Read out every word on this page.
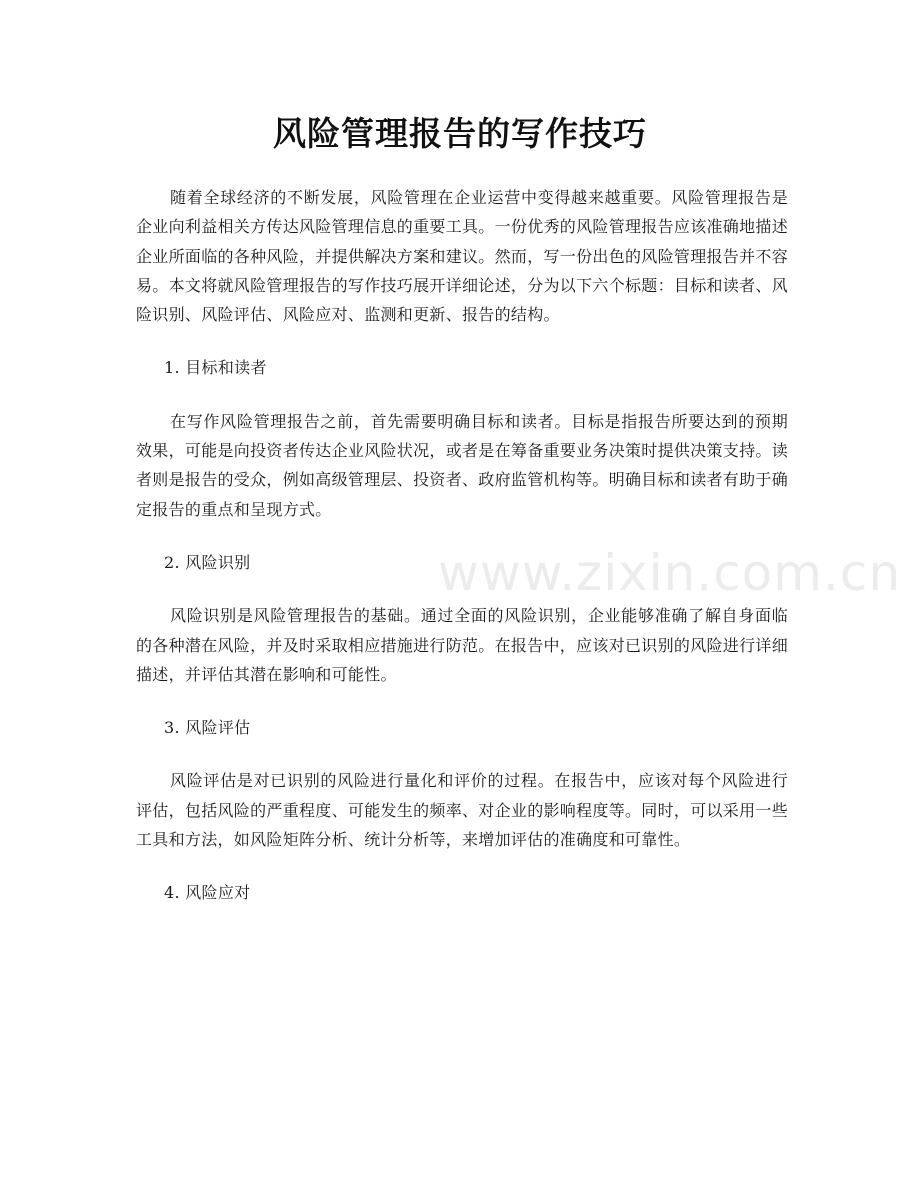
风险管理报告的写作技巧

随着全球经济的不断发展，风险管理在企业运营中变得越来越重要。风险管理报告是企业向利益相关方传达风险管理信息的重要工具。一份优秀的风险管理报告应该准确地描述企业所面临的各种风险，并提供解决方案和建议。然而，写一份出色的风险管理报告并不容易。本文将就风险管理报告的写作技巧展开详细论述，分为以下六个标题：目标和读者、风险识别、风险评估、风险应对、监测和更新、报告的结构。

1. 目标和读者

在写作风险管理报告之前，首先需要明确目标和读者。目标是指报告所要达到的预期效果，可能是向投资者传达企业风险状况，或者是在筹备重要业务决策时提供决策支持。读者则是报告的受众，例如高级管理层、投资者、政府监管机构等。明确目标和读者有助于确定报告的重点和呈现方式。

2. 风险识别

风险识别是风险管理报告的基础。通过全面的风险识别，企业能够准确了解自身面临的各种潜在风险，并及时采取相应措施进行防范。在报告中，应该对已识别的风险进行详细描述，并评估其潜在影响和可能性。

3. 风险评估

风险评估是对已识别的风险进行量化和评价的过程。在报告中，应该对每个风险进行评估，包括风险的严重程度、可能发生的频率、对企业的影响程度等。同时，可以采用一些工具和方法，如风险矩阵分析、统计分析等，来增加评估的准确度和可靠性。

4. 风险应对

www.zixin.com.cn
